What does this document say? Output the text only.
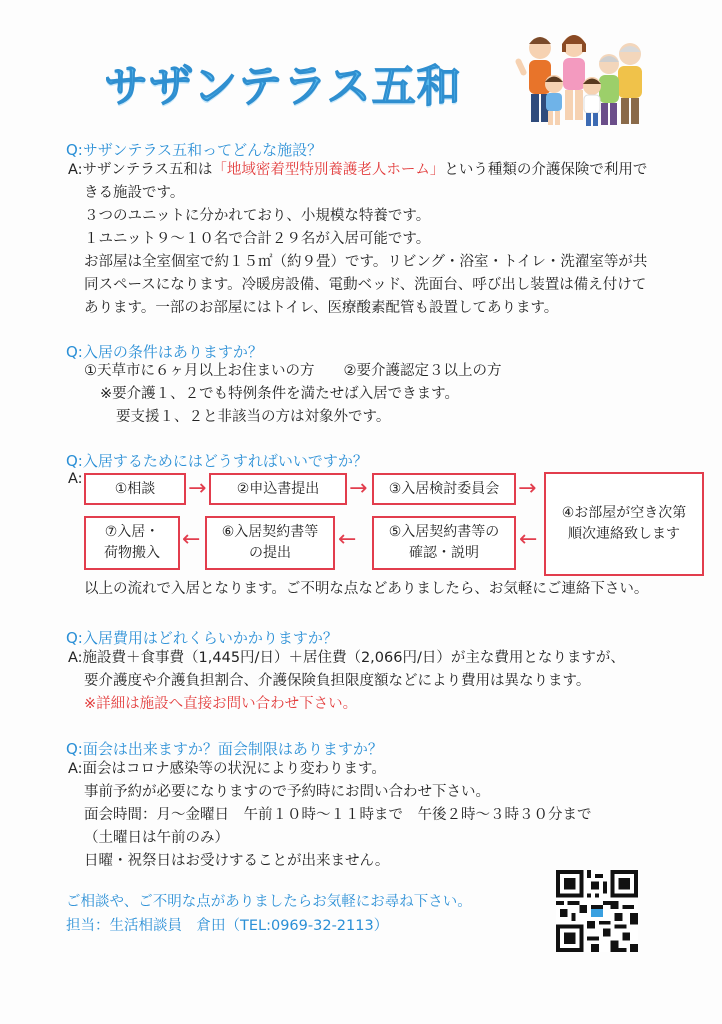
サザンテラス五和
Q:サザンテラス五和ってどんな施設？
A:サザンテラス五和は「地域密着型特別養護老人ホーム」という種類の介護保険で利用で
きる施設です。
３つのユニットに分かれており、小規模な特養です。
１ユニット９～１０名で合計２９名が入居可能です。
お部屋は全室個室で約１５㎡（約９畳）です。リビング・浴室・トイレ・洗濯室等が共
同スペースになります。冷暖房設備、電動ベッド、洗面台、呼び出し装置は備え付けて
あります。一部のお部屋にはトイレ、医療酸素配管も設置してあります。
Q:入居の条件はありますか？
①天草市に６ヶ月以上お住まいの方　　②要介護認定３以上の方
※要介護１、２でも特例条件を満たせば入居できます。
要支援１、２と非該当の方は対象外です。
Q:入居するためにはどうすればいいですか？
A:
①相談	→	②申込書提出	→	③入居検討委員会 →
④お部屋が空き次第
順次連絡致します
←
⑤入居契約書等の
確認・説明
←
⑥入居契約書等
の提出
←
⑦入居・
荷物搬入
以上の流れで入居となります。ご不明な点などありましたら、お気軽にご連絡下さい。
Q:入居費用はどれくらいかかりますか？
A:施設費＋食事費（1,445円/日）＋居住費（2,066円/日）が主な費用となりますが、
要介護度や介護負担割合、介護保険負担限度額などにより費用は異なります。
※詳細は施設へ直接お問い合わせ下さい。
Q:面会は出来ますか？面会制限はありますか？
A:面会はコロナ感染等の状況により変わります。
事前予約が必要になりますので予約時にお問い合わせ下さい。
面会時間：月～金曜日　午前１０時～１１時まで　午後２時～３時３０分まで
（土曜日は午前のみ）
日曜・祝祭日はお受けすることが出来ません。
ご相談や、ご不明な点がありましたらお気軽にお尋ね下さい。
担当：生活相談員　倉田（TEL:0969-32-2113）
